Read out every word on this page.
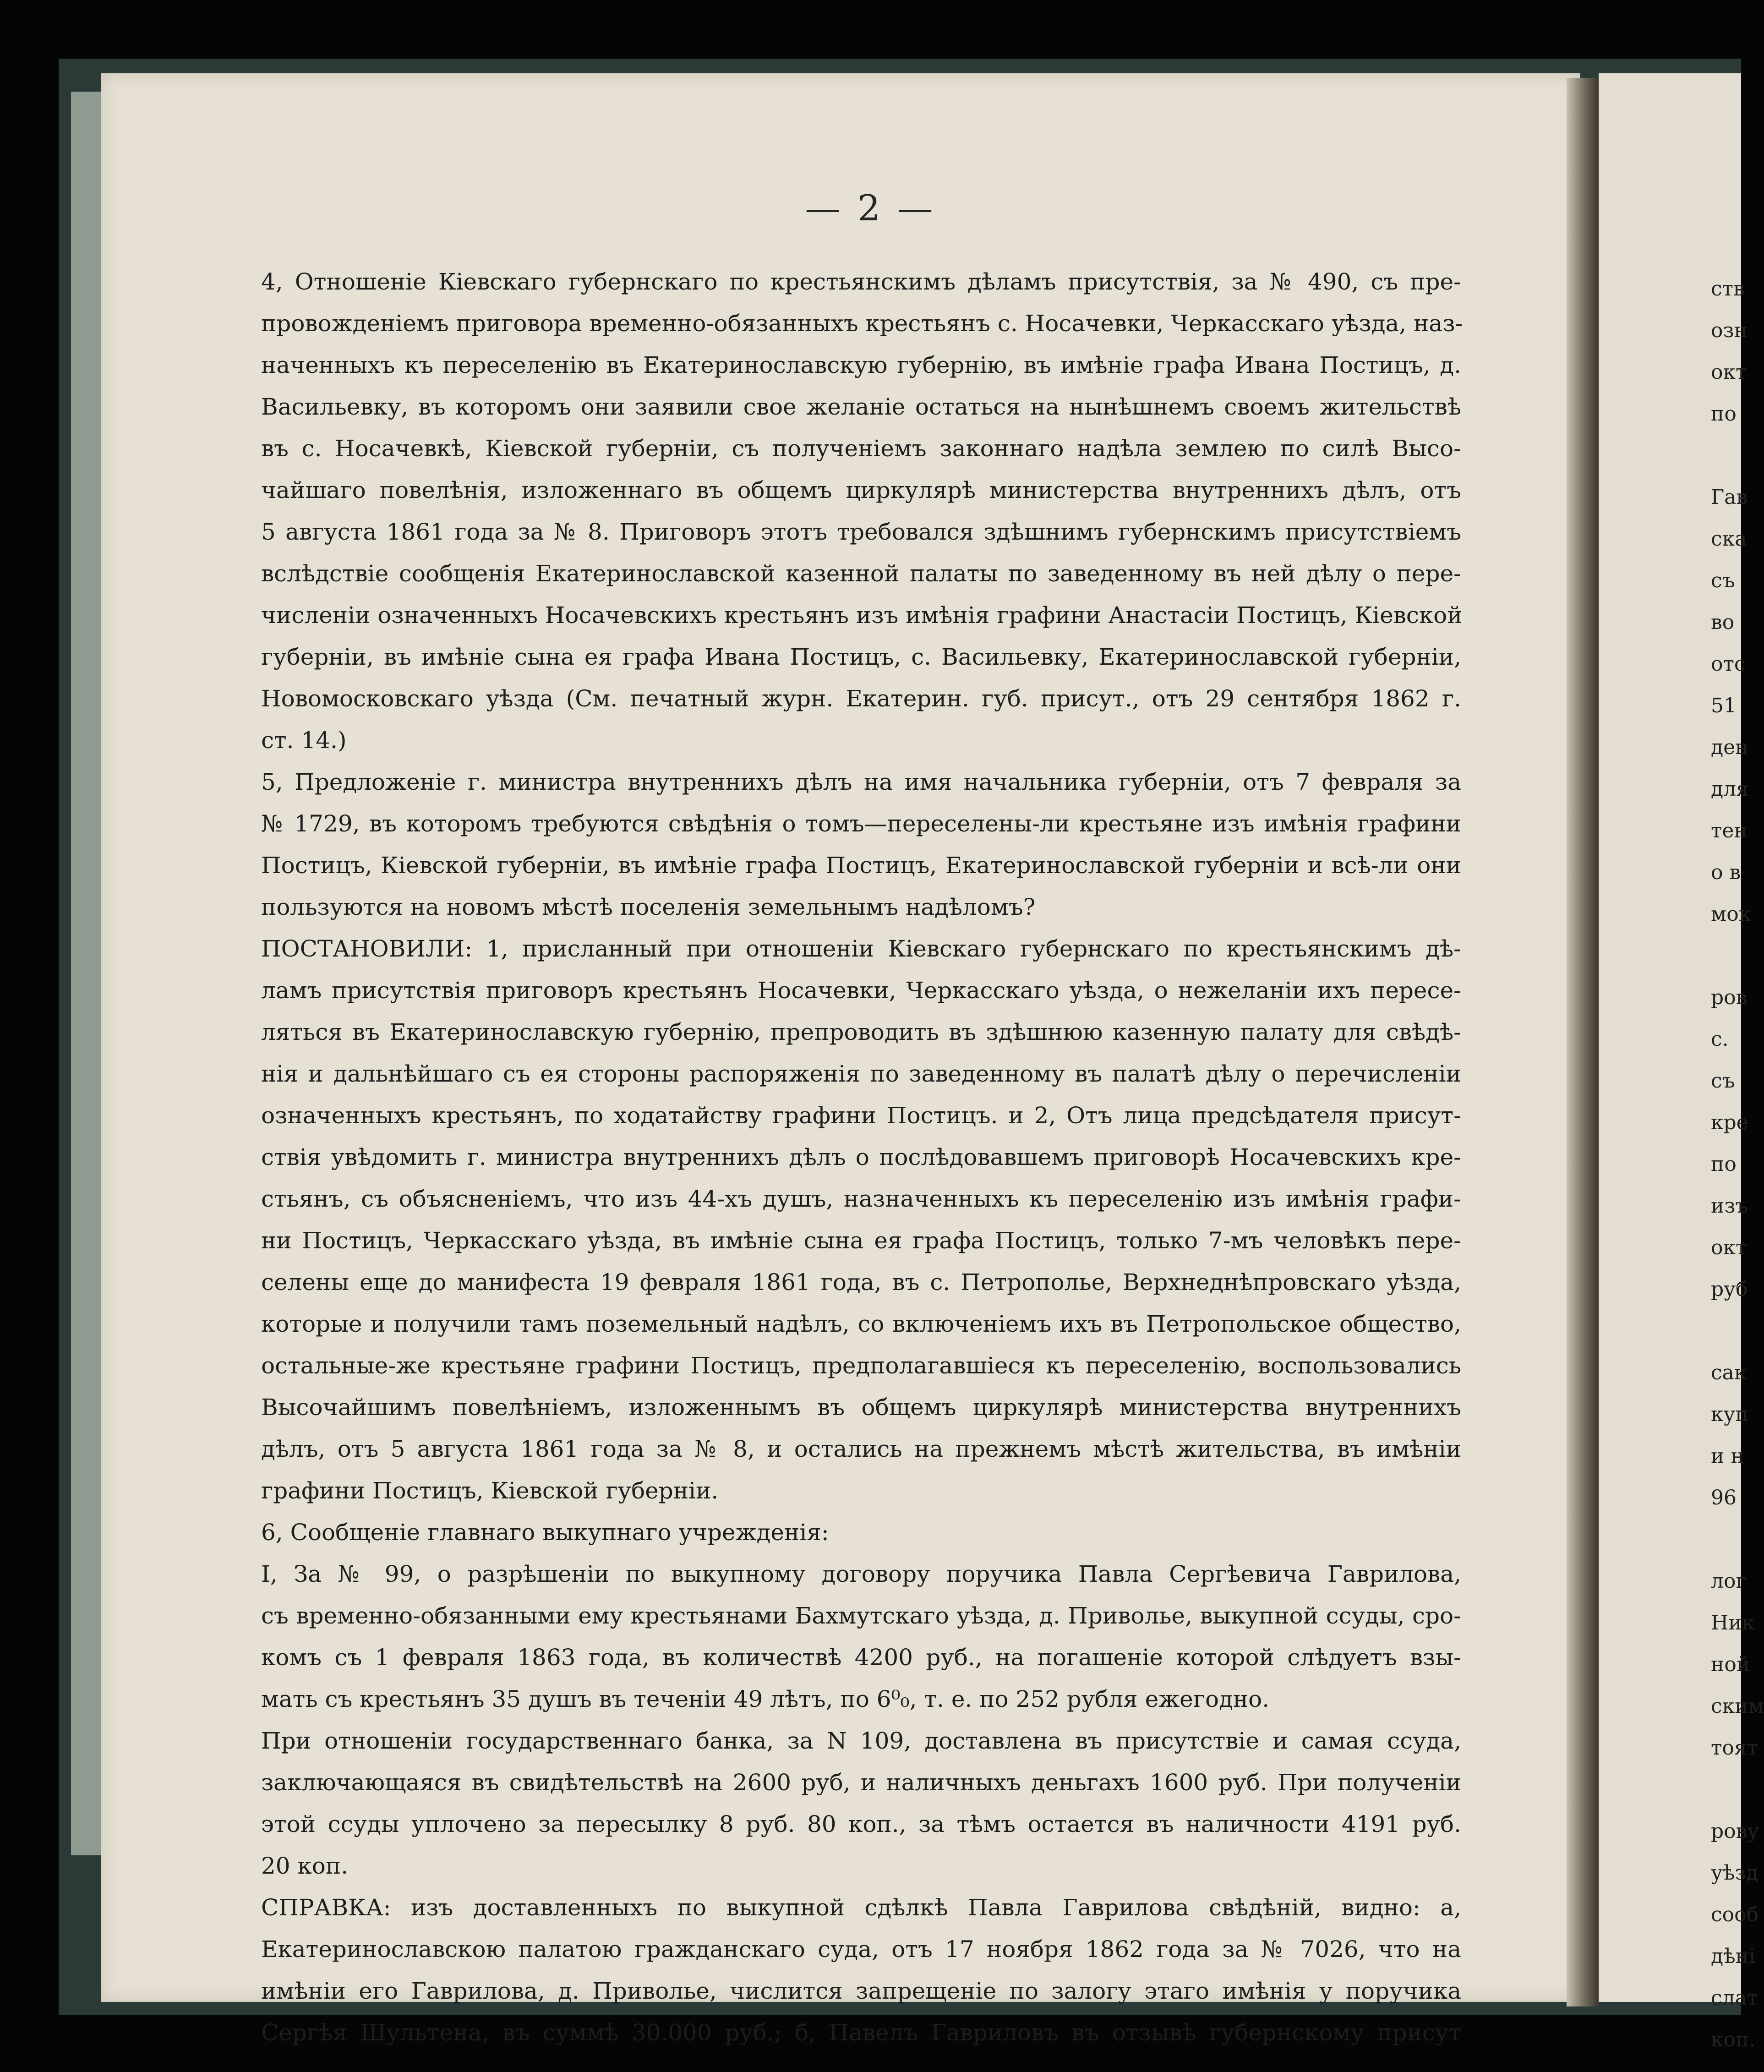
— 2 —
4, Отношеніе Кіевскаго губернскаго по крестьянскимъ дѣламъ присутствія, за № 490, съ пре-
провожденіемъ приговора временно-обязанныхъ крестьянъ с. Носачевки, Черкасскаго уѣзда, наз-
наченныхъ къ переселенію въ Екатеринославскую губернію, въ имѣніе графа Ивана Постицъ, д.
Васильевку, въ которомъ они заявили свое желаніе остаться на нынѣшнемъ своемъ жительствѣ
въ с. Носачевкѣ, Кіевской губерніи, съ полученіемъ законнаго надѣла землею по силѣ Высо-
чайшаго повелѣнія, изложеннаго въ общемъ циркулярѣ министерства внутреннихъ дѣлъ, отъ
5 августа 1861 года за № 8. Приговоръ этотъ требовался здѣшнимъ губернскимъ присутствіемъ
вслѣдствіе сообщенія Екатеринославской казенной палаты по заведенному въ ней дѣлу о пере-
численіи означенныхъ Носачевскихъ крестьянъ изъ имѣнія графини Анастасіи Постицъ, Кіевской
губерніи, въ имѣніе сына ея графа Ивана Постицъ, с. Васильевку, Екатеринославской губерніи,
Новомосковскаго уѣзда (См. печатный журн. Екатерин. губ. присут., отъ 29 сентября 1862 г.
ст. 14.)
5, Предложеніе г. министра внутреннихъ дѣлъ на имя начальника губерніи, отъ 7 февраля за
№ 1729, въ которомъ требуются свѣдѣнія о томъ—переселены-ли крестьяне изъ имѣнія графини
Постицъ, Кіевской губерніи, въ имѣніе графа Постицъ, Екатеринославской губерніи и всѣ-ли они
пользуются на новомъ мѣстѣ поселенія земельнымъ надѣломъ?
ПОСТАНОВИЛИ: 1, присланный при отношеніи Кіевскаго губернскаго по крестьянскимъ дѣ-
ламъ присутствія приговоръ крестьянъ Носачевки, Черкасскаго уѣзда, о нежеланіи ихъ пересе-
ляться въ Екатеринославскую губернію, препроводить въ здѣшнюю казенную палату для свѣдѣ-
нія и дальнѣйшаго съ ея стороны распоряженія по заведенному въ палатѣ дѣлу о перечисленіи
означенныхъ крестьянъ, по ходатайству графини Постицъ. и 2, Отъ лица предсѣдателя присут-
ствія увѣдомить г. министра внутреннихъ дѣлъ о послѣдовавшемъ приговорѣ Носачевскихъ кре-
стьянъ, съ объясненіемъ, что изъ 44-хъ душъ, назначенныхъ къ переселенію изъ имѣнія графи-
ни Постицъ, Черкасскаго уѣзда, въ имѣніе сына ея графа Постицъ, только 7-мъ человѣкъ пере-
селены еще до манифеста 19 февраля 1861 года, въ с. Петрополье, Верхнеднѣпровскаго уѣзда,
которые и получили тамъ поземельный надѣлъ, со включеніемъ ихъ въ Петропольское общество,
остальные-же крестьяне графини Постицъ, предполагавшіеся къ переселенію, воспользовались
Высочайшимъ повелѣніемъ, изложеннымъ въ общемъ циркулярѣ министерства внутреннихъ
дѣлъ, отъ 5 августа 1861 года за № 8, и остались на прежнемъ мѣстѣ жительства, въ имѣніи
графини Постицъ, Кіевской губерніи.
6, Сообщеніе главнаго выкупнаго учрежденія:
І, За № 99, о разрѣшеніи по выкупному договору поручика Павла Сергѣевича Гаврилова,
съ временно-обязанными ему крестьянами Бахмутскаго уѣзда, д. Приволье, выкупной ссуды, сро-
комъ съ 1 февраля 1863 года, въ количествѣ 4200 руб., на погашеніе которой слѣдуетъ взы-
мать съ крестьянъ 35 душъ въ теченіи 49 лѣтъ, по 6⁰₀, т. е. по 252 рубля ежегодно.
При отношеніи государственнаго банка, за N 109, доставлена въ присутствіе и самая ссуда,
заключающаяся въ свидѣтельствѣ на 2600 руб, и наличныхъ деньгахъ 1600 руб. При полученіи
этой ссуды уплочено за пересылку 8 руб. 80 коп., за тѣмъ остается въ наличности 4191 руб.
20 коп.
СПРАВКА: изъ доставленныхъ по выкупной сдѣлкѣ Павла Гаврилова свѣдѣній, видно: а,
Екатеринославскою палатою гражданскаго суда, отъ 17 ноября 1862 года за № 7026, что на
имѣніи его Гаврилова, д. Приволье, числится запрещеніе по залогу этаго имѣнія у поручика
Сергѣя Шультена, въ суммѣ 30.000 руб.; б, Павелъ Гавриловъ въ отзывѣ губернскому присут
ств
озн
окт
по
Гав
ска
съ
во
отс
51
ден
для
тен
о в
мок
ров
с.
съ
кре
по
изъ
окт
руб
сак
куп
и н
96
лог
Ник
ной
ским
тоят
рову
уѣзд
сооб
дѣні
слат
коп.
